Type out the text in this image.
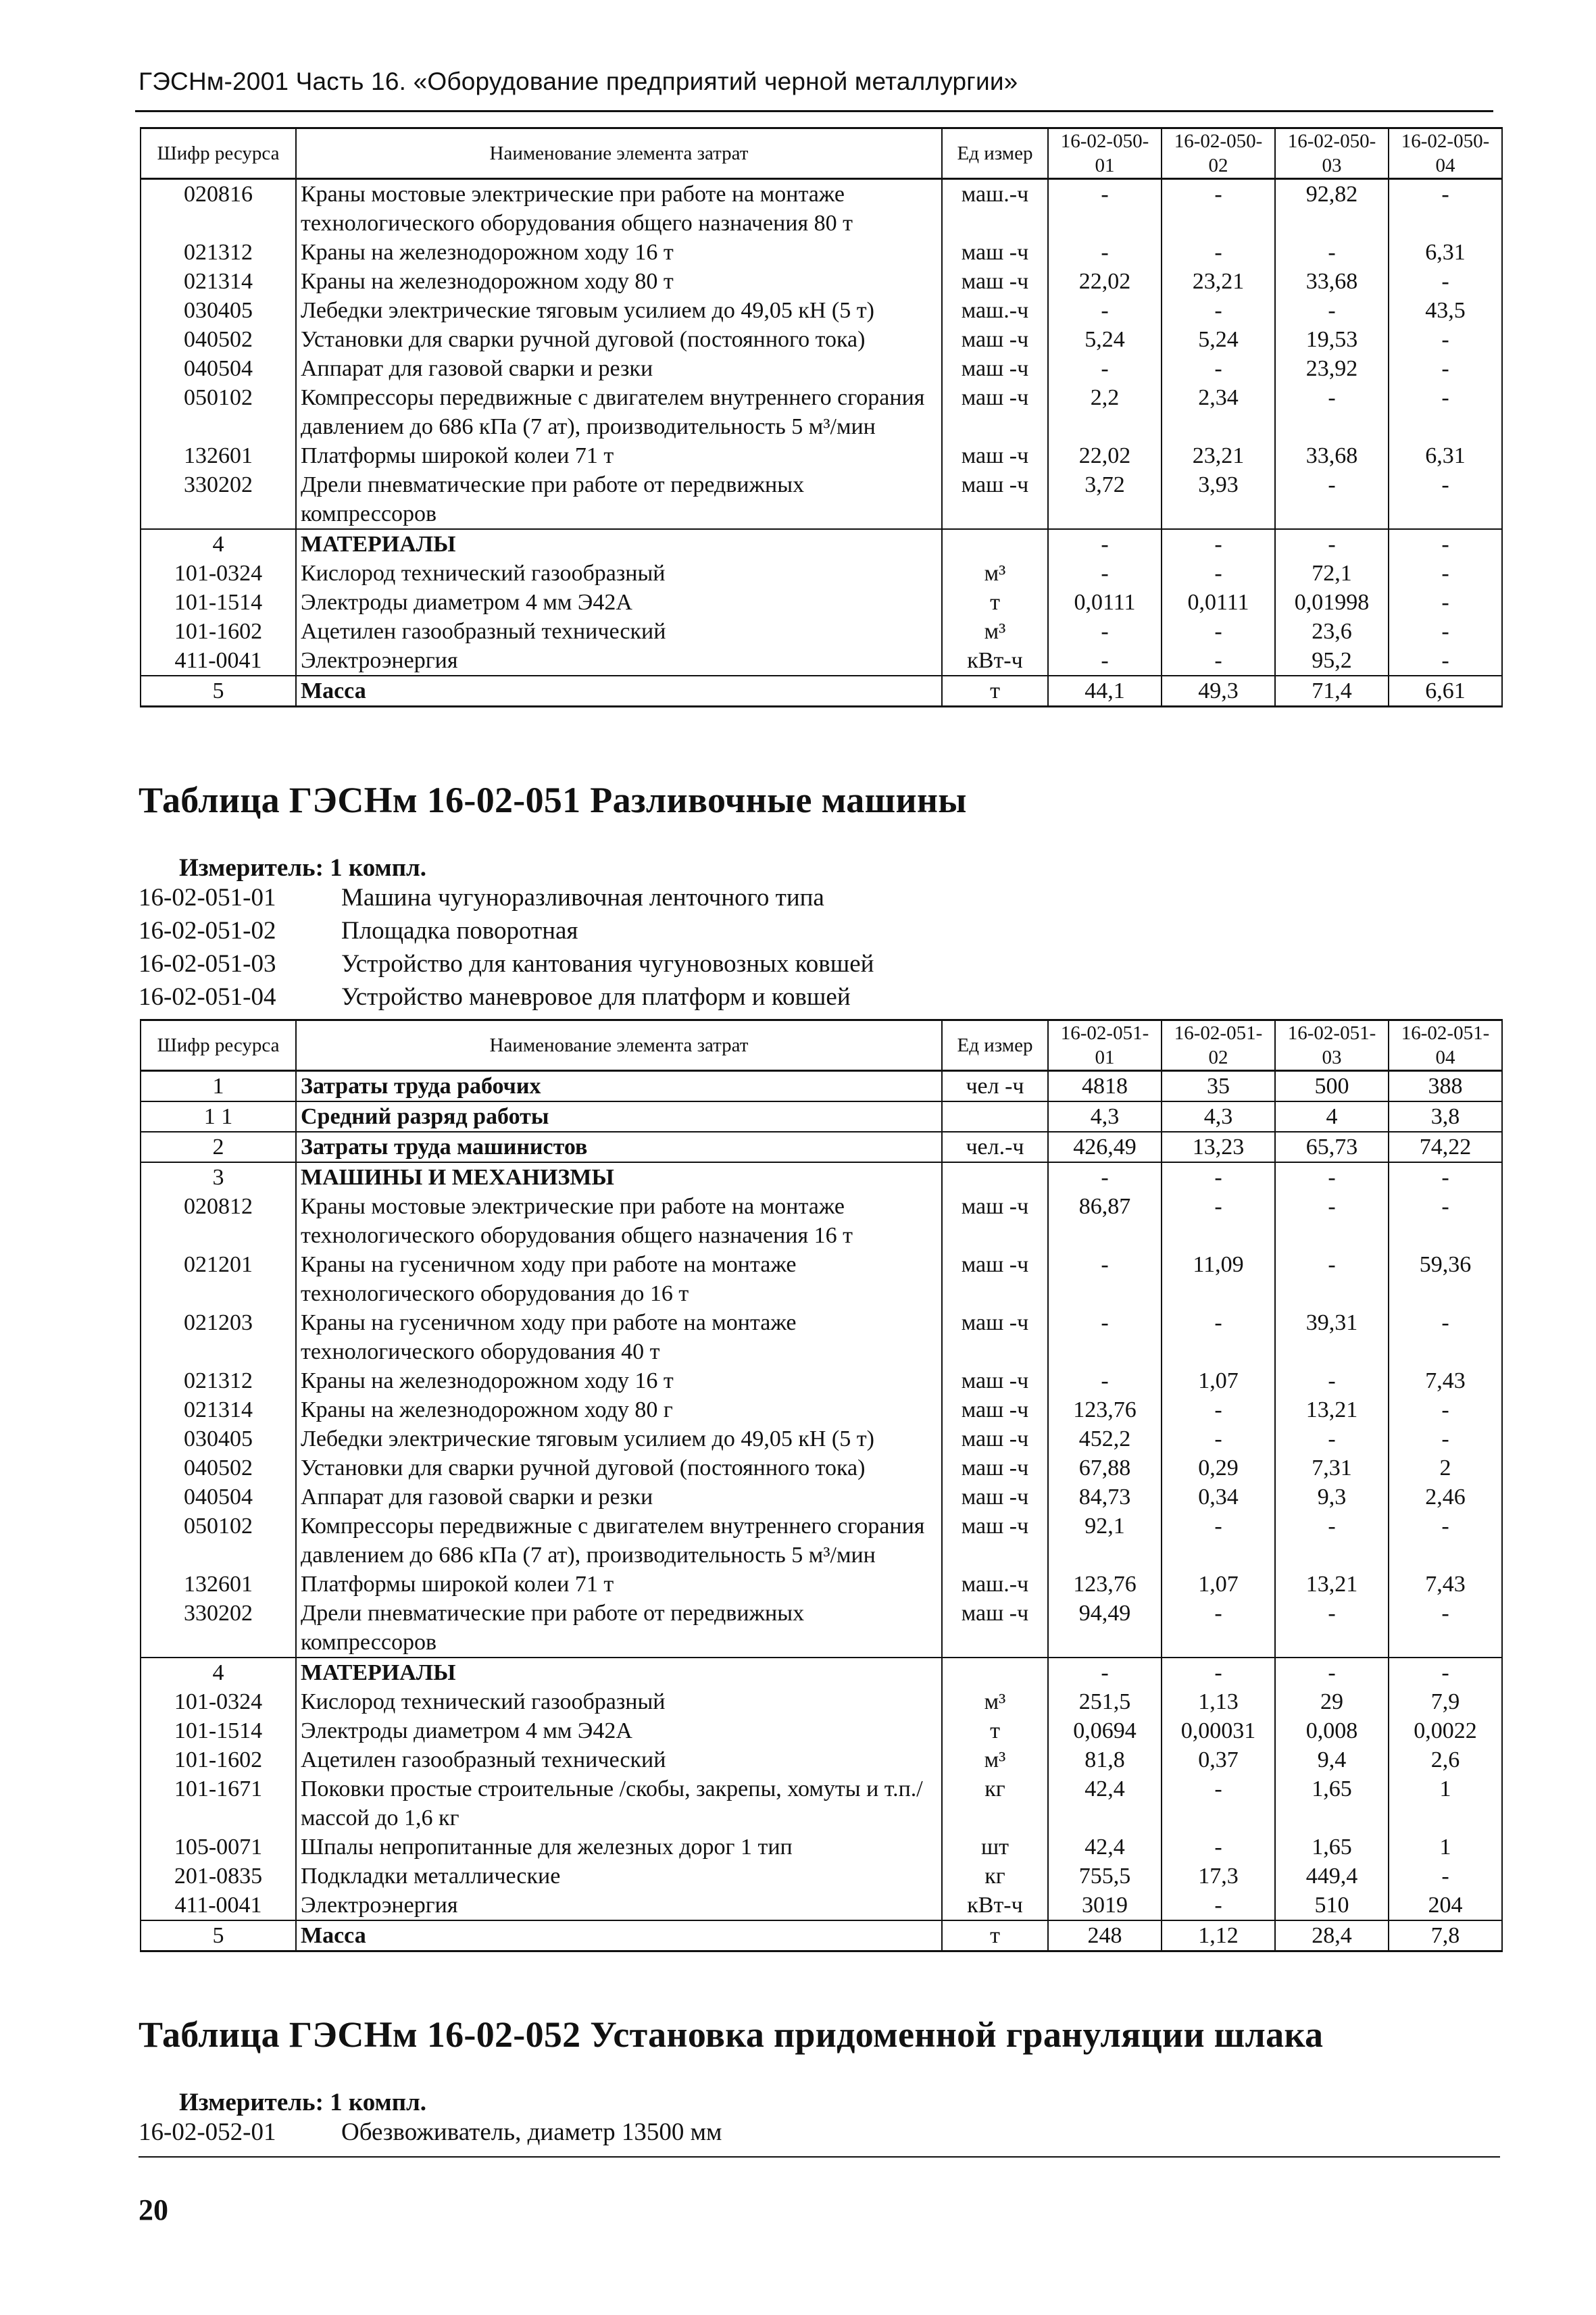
ГЭСНм-2001 Часть 16. «Оборудование предприятий черной металлургии»
Шифр ресурса	Наименование элемента затрат	Ед измер	16-02-050-01	16-02-050-02	16-02-050-03	16-02-050-04
020816	Краны мостовые электрические при работе на монтаже технологического оборудования общего назначения 80 т	маш.-ч	-	-	92,82	-
021312	Краны на железнодорожном ходу 16 т	маш -ч	-	-	-	6,31
021314	Краны на железнодорожном ходу 80 т	маш -ч	22,02	23,21	33,68	-
030405	Лебедки электрические тяговым усилием до 49,05 кН (5 т)	маш.-ч	-	-	-	43,5
040502	Установки для сварки ручной дуговой (постоянного тока)	маш -ч	5,24	5,24	19,53	-
040504	Аппарат для газовой сварки и резки	маш -ч	-	-	23,92	-
050102	Компрессоры передвижные с двигателем внутреннего сгорания давлением до 686 кПа (7 ат), производительность 5 м³/мин	маш -ч	2,2	2,34	-	-
132601	Платформы широкой колеи 71 т	маш -ч	22,02	23,21	33,68	6,31
330202	Дрели пневматические при работе от передвижных компрессоров	маш -ч	3,72	3,93	-	-
4	МАТЕРИАЛЫ		-	-	-	-
101-0324	Кислород технический газообразный	м³	-	-	72,1	-
101-1514	Электроды диаметром 4 мм Э42А	т	0,0111	0,0111	0,01998	-
101-1602	Ацетилен газообразный технический	м³	-	-	23,6	-
411-0041	Электроэнергия	кВт-ч	-	-	95,2	-
5	Масса	т	44,1	49,3	71,4	6,61
Таблица ГЭСНм 16-02-051 Разливочные машины
Измеритель: 1 компл.
16-02-051-01	Машина чугуноразливочная ленточного типа
16-02-051-02	Площадка поворотная
16-02-051-03	Устройство для кантования чугуновозных ковшей
16-02-051-04	Устройство маневровое для платформ и ковшей
Шифр ресурса	Наименование элемента затрат	Ед измер	16-02-051-01	16-02-051-02	16-02-051-03	16-02-051-04
1	Затраты труда рабочих	чел -ч	4818	35	500	388
1 1	Средний разряд работы		4,3	4,3	4	3,8
2	Затраты труда машинистов	чел.-ч	426,49	13,23	65,73	74,22
3	МАШИНЫ И МЕХАНИЗМЫ		-	-	-	-
020812	Краны мостовые электрические при работе на монтаже технологического оборудования общего назначения 16 т	маш -ч	86,87	-	-	-
021201	Краны на гусеничном ходу при работе на монтаже технологического оборудования до 16 т	маш -ч	-	11,09	-	59,36
021203	Краны на гусеничном ходу при работе на монтаже технологического оборудования 40 т	маш -ч	-	-	39,31	-
021312	Краны на железнодорожном ходу 16 т	маш -ч	-	1,07	-	7,43
021314	Краны на железнодорожном ходу 80 г	маш -ч	123,76	-	13,21	-
030405	Лебедки электрические тяговым усилием до 49,05 кН (5 т)	маш -ч	452,2	-	-	-
040502	Установки для сварки ручной дуговой (постоянного тока)	маш -ч	67,88	0,29	7,31	2
040504	Аппарат для газовой сварки и резки	маш -ч	84,73	0,34	9,3	2,46
050102	Компрессоры передвижные с двигателем внутреннего сгорания давлением до 686 кПа (7 ат), производительность 5 м³/мин	маш -ч	92,1	-	-	-
132601	Платформы широкой колеи 71 т	маш.-ч	123,76	1,07	13,21	7,43
330202	Дрели пневматические при работе от передвижных компрессоров	маш -ч	94,49	-	-	-
4	МАТЕРИАЛЫ		-	-	-	-
101-0324	Кислород технический газообразный	м³	251,5	1,13	29	7,9
101-1514	Электроды диаметром 4 мм Э42А	т	0,0694	0,00031	0,008	0,0022
101-1602	Ацетилен газообразный технический	м³	81,8	0,37	9,4	2,6
101-1671	Поковки простые строительные /скобы, закрепы, хомуты и т.п./ массой до 1,6 кг	кг	42,4	-	1,65	1
105-0071	Шпалы непропитанные для железных дорог 1 тип	шт	42,4	-	1,65	1
201-0835	Подкладки металлические	кг	755,5	17,3	449,4	-
411-0041	Электроэнергия	кВт-ч	3019	-	510	204
5	Масса	т	248	1,12	28,4	7,8
Таблица ГЭСНм 16-02-052 Установка придоменной грануляции шлака
Измеритель: 1 компл.
16-02-052-01	Обезвоживатель, диаметр 13500 мм
20
